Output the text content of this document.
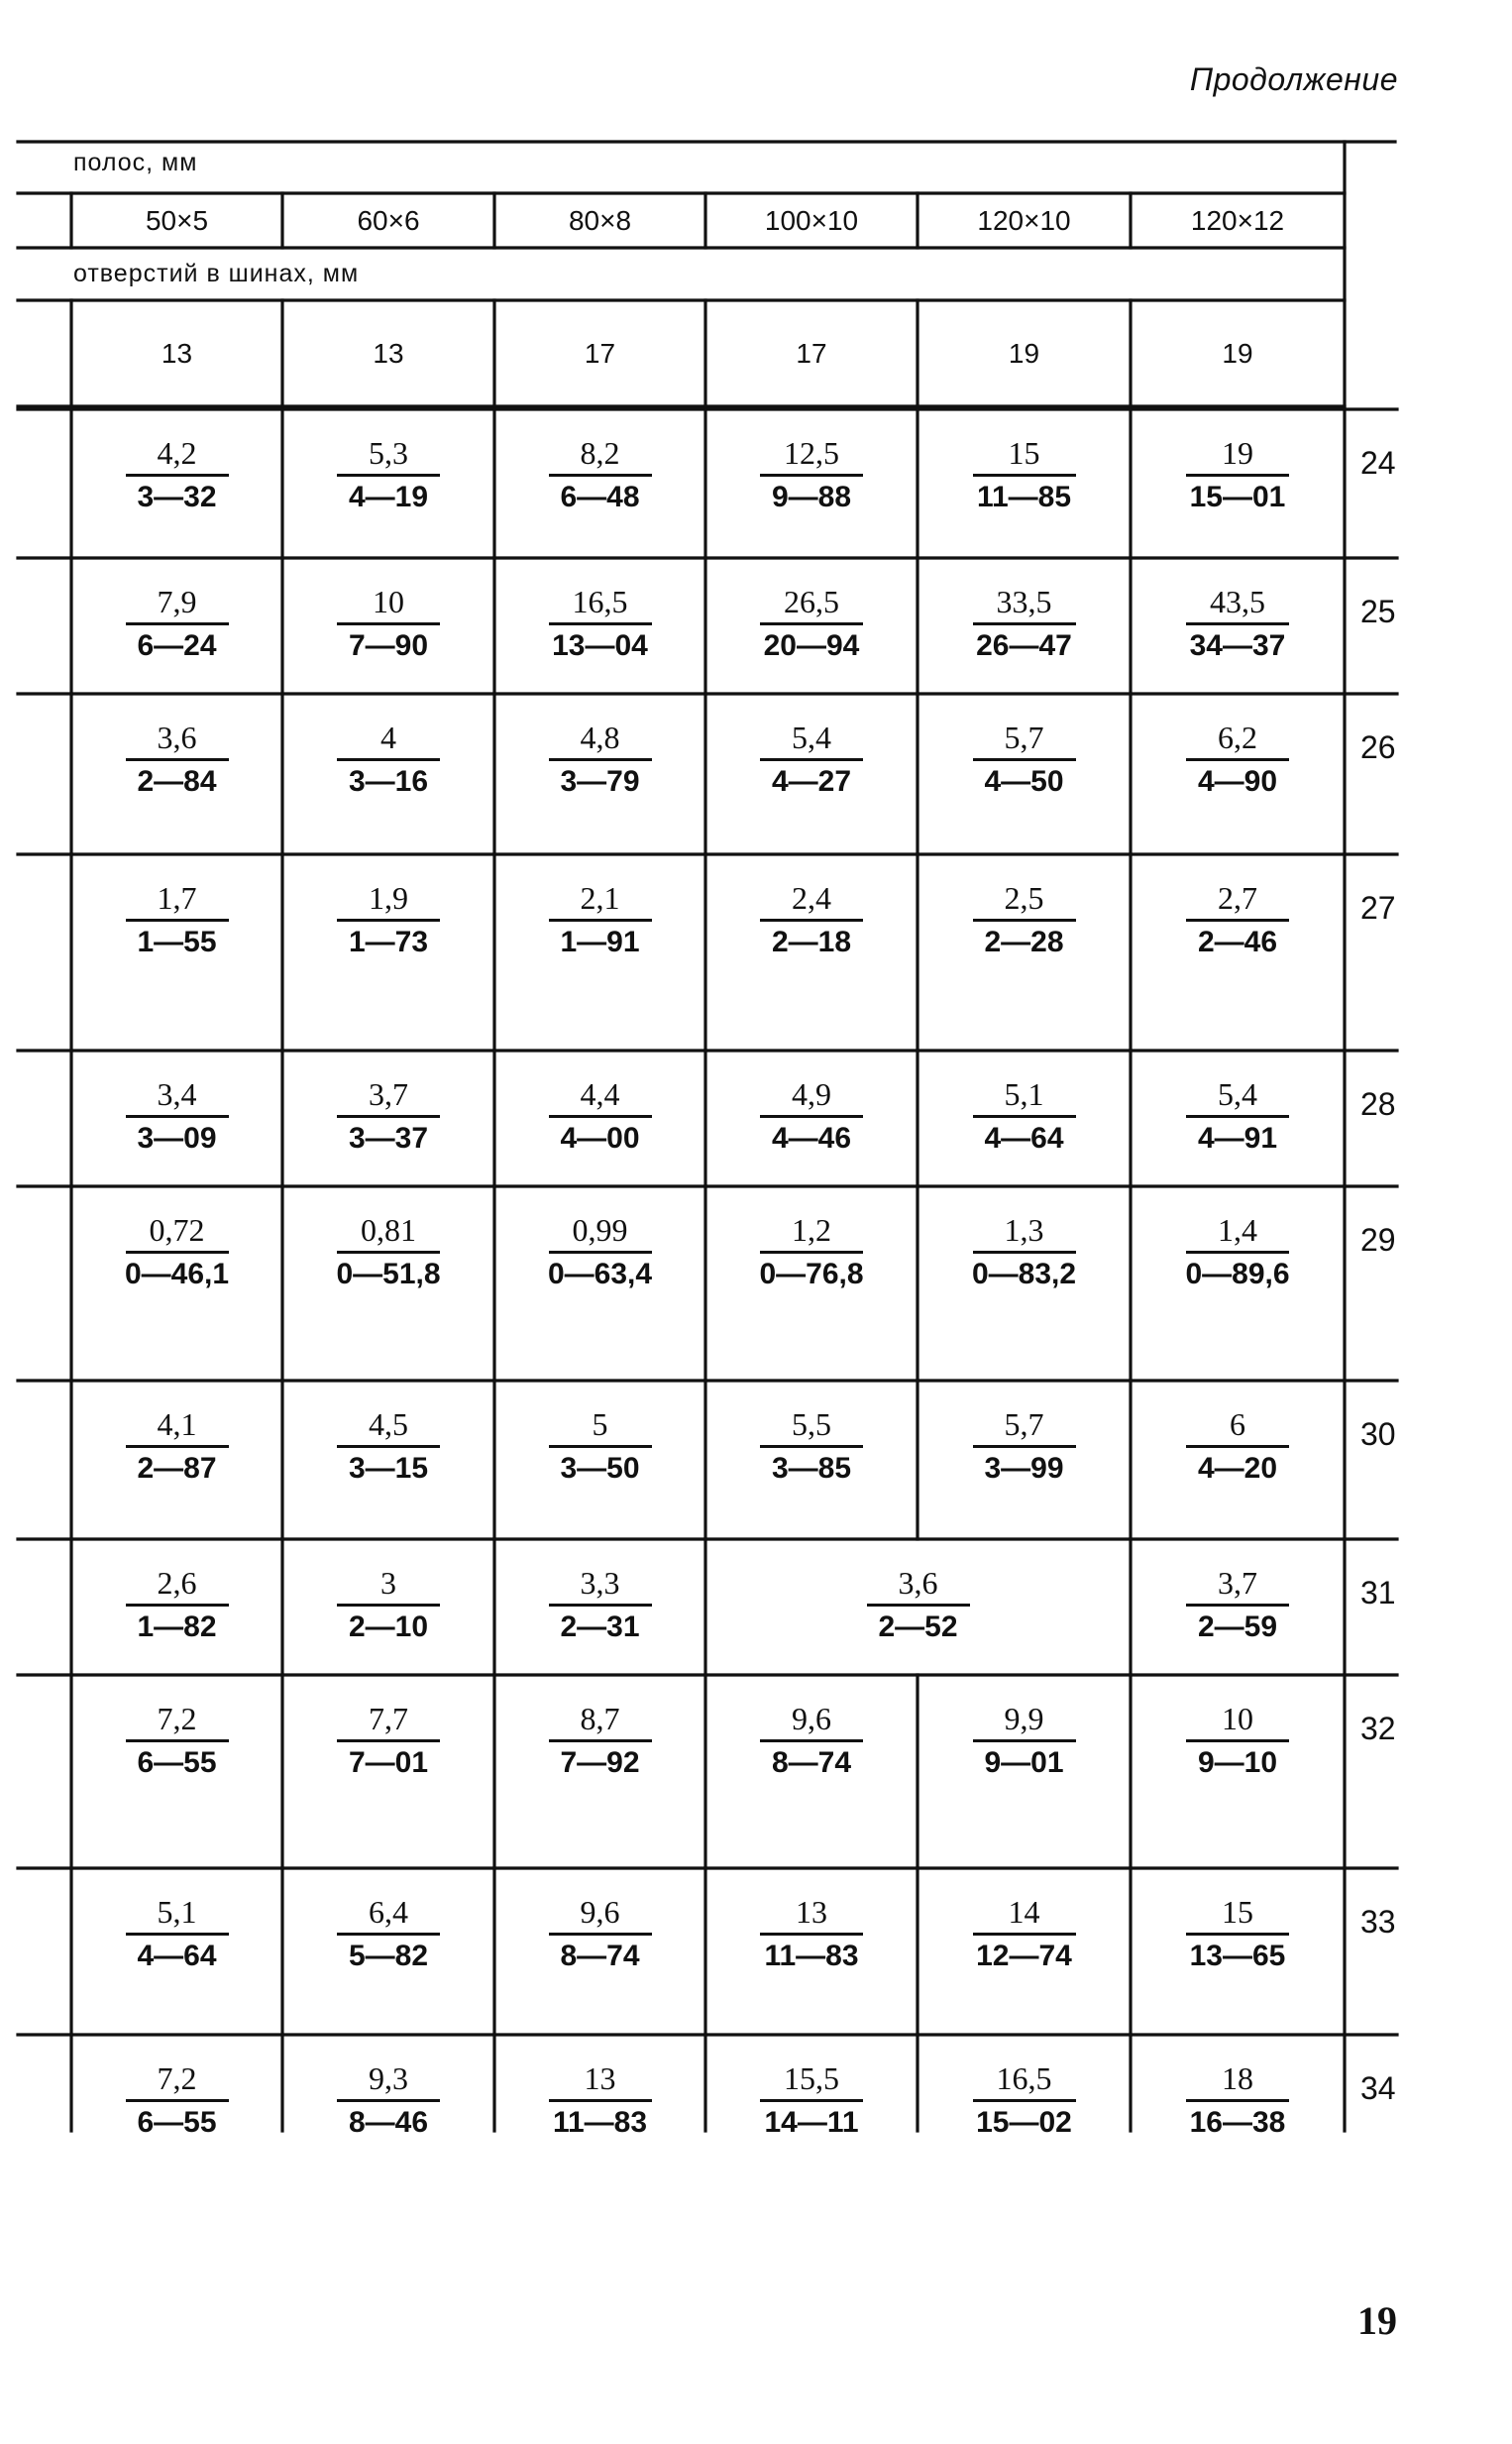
Продолжение
полос, мм
отверстий в шинах, мм
50×5	60×6	80×8	100×10	120×10	120×12
13	13	17	17	19	19
24
$\frac{4,2}{3—32} \frac{5,3}{4—19} \frac{8,2}{6—48} \frac{12,5}{9—88} \frac{15}{11—85} \frac{19}{15—01}$
25
$\frac{7,9}{6—24} \frac{10}{7—90} \frac{16,5}{13—04} \frac{26,5}{20—94} \frac{33,5}{26—47} \frac{43,5}{34—37}$
26
$\frac{3,6}{2—84} \frac{4}{3—16} \frac{4,8}{3—79} \frac{5,4}{4—27} \frac{5,7}{4—50} \frac{6,2}{4—90}$
27
$\frac{1,7}{1—55} \frac{1,9}{1—73} \frac{2,1}{1—91} \frac{2,4}{2—18} \frac{2,5}{2—28} \frac{2,7}{2—46}$
28
$\frac{3,4}{3—09} \frac{3,7}{3—37} \frac{4,4}{4—00} \frac{4,9}{4—46} \frac{5,1}{4—64} \frac{5,4}{4—91}$
29
$\frac{0,72}{0—46,1} \frac{0,81}{0—51,8} \frac{0,99}{0—63,4} \frac{1,2}{0—76,8} \frac{1,3}{0—83,2} \frac{1,4}{0—89,6}$
30
$\frac{4,1}{2—87} \frac{4,5}{3—15} \frac{5}{3—50} \frac{5,5}{3—85} \frac{5,7}{3—99} \frac{6}{4—20}$
31
$\frac{2,6}{1—82} \frac{3}{2—10} \frac{3,3}{2—31} \frac{3,6}{2—52} \frac{3,7}{2—59}$
32
$\frac{7,2}{6—55} \frac{7,7}{7—01} \frac{8,7}{7—92} \frac{9,6}{8—74} \frac{9,9}{9—01} \frac{10}{9—10}$
33
$\frac{5,1}{4—64} \frac{6,4}{5—82} \frac{9,6}{8—74} \frac{13}{11—83} \frac{14}{12—74} \frac{15}{13—65}$
34
$\frac{7,2}{6—55} \frac{9,3}{8—46} \frac{13}{11—83} \frac{15,5}{14—11} \frac{16,5}{15—02} \frac{18}{16—38}$
19
